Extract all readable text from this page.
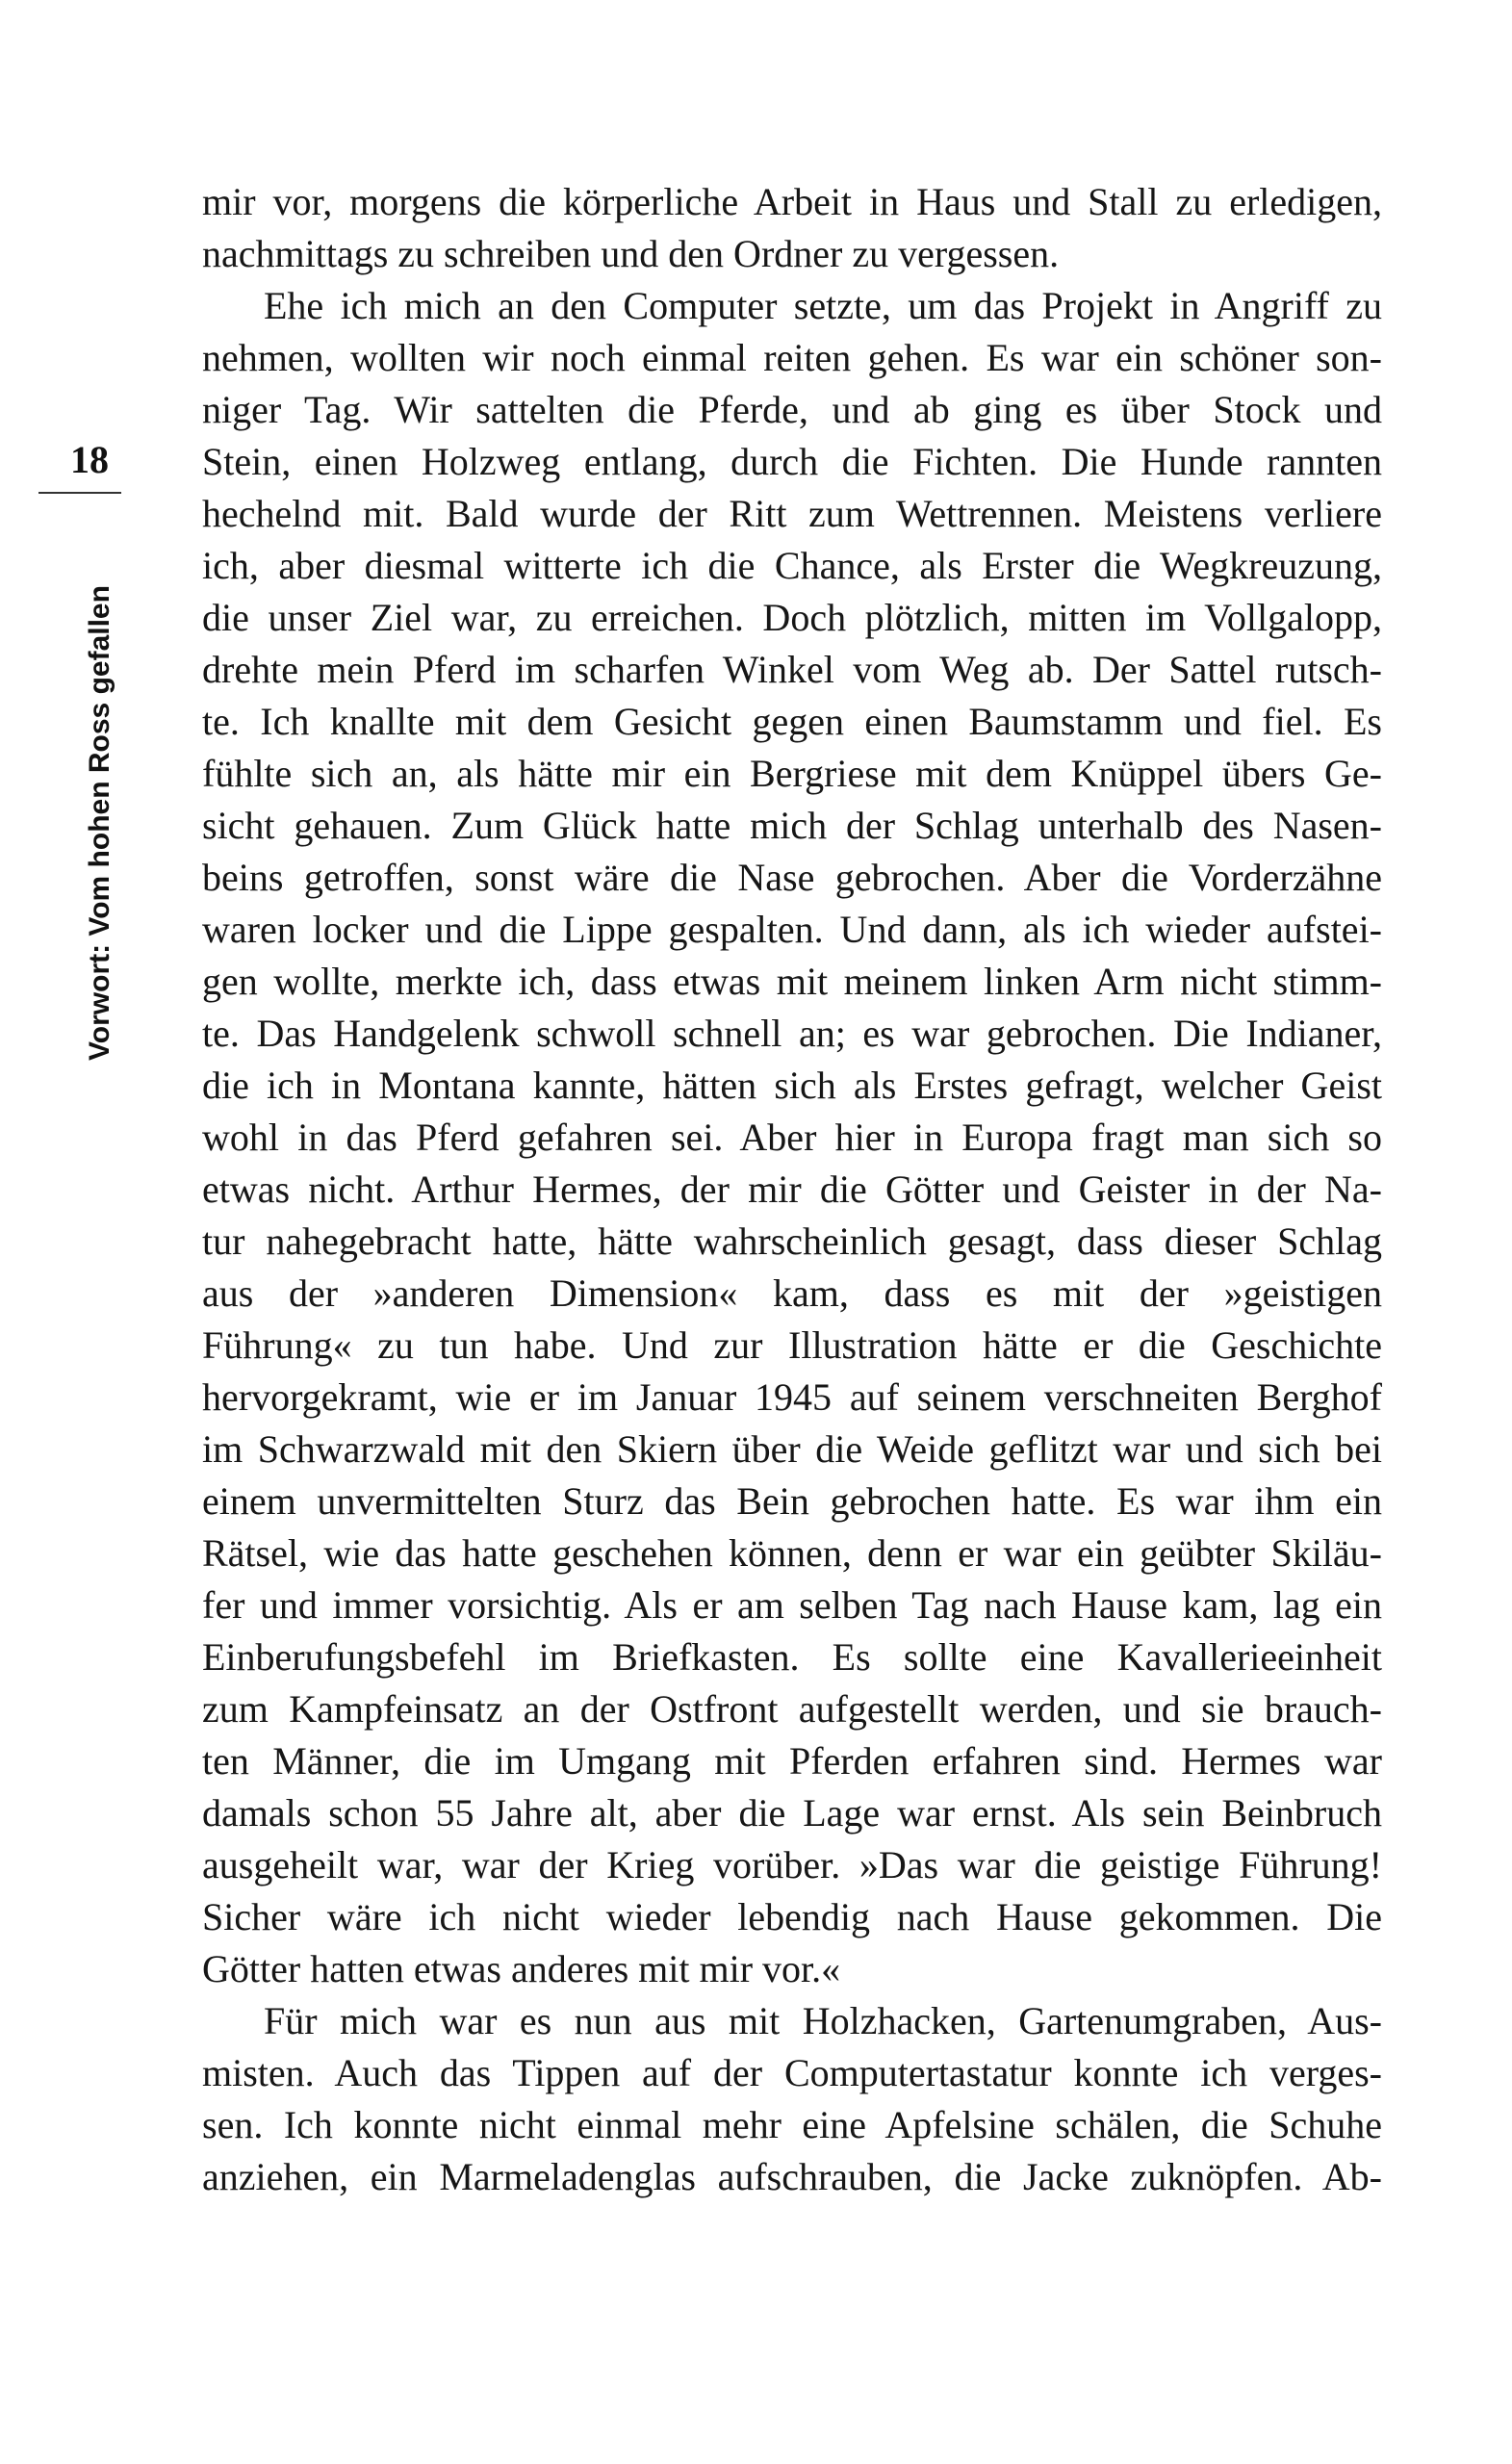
18
Vorwort: Vom hohen Ross gefallen
mir vor, morgens die körperliche Arbeit in Haus und Stall zu erledigen,
nachmittags zu schreiben und den Ordner zu vergessen.
Ehe ich mich an den Computer setzte, um das Projekt in Angriff zu
nehmen, wollten wir noch einmal reiten gehen. Es war ein schöner son-
niger Tag. Wir sattelten die Pferde, und ab ging es über Stock und
Stein, einen Holzweg entlang, durch die Fichten. Die Hunde rannten
hechelnd mit. Bald wurde der Ritt zum Wettrennen. Meistens verliere
ich, aber diesmal witterte ich die Chance, als Erster die Wegkreuzung,
die unser Ziel war, zu erreichen. Doch plötzlich, mitten im Vollgalopp,
drehte mein Pferd im scharfen Winkel vom Weg ab. Der Sattel rutsch-
te. Ich knallte mit dem Gesicht gegen einen Baumstamm und fiel. Es
fühlte sich an, als hätte mir ein Bergriese mit dem Knüppel übers Ge-
sicht gehauen. Zum Glück hatte mich der Schlag unterhalb des Nasen-
beins getroffen, sonst wäre die Nase gebrochen. Aber die Vorderzähne
waren locker und die Lippe gespalten. Und dann, als ich wieder aufstei-
gen wollte, merkte ich, dass etwas mit meinem linken Arm nicht stimm-
te. Das Handgelenk schwoll schnell an; es war gebrochen. Die Indianer,
die ich in Montana kannte, hätten sich als Erstes gefragt, welcher Geist
wohl in das Pferd gefahren sei. Aber hier in Europa fragt man sich so
etwas nicht. Arthur Hermes, der mir die Götter und Geister in der Na-
tur nahegebracht hatte, hätte wahrscheinlich gesagt, dass dieser Schlag
aus der »anderen Dimension« kam, dass es mit der »geistigen
Führung« zu tun habe. Und zur Illustration hätte er die Geschichte
hervorgekramt, wie er im Januar 1945 auf seinem verschneiten Berghof
im Schwarzwald mit den Skiern über die Weide geflitzt war und sich bei
einem unvermittelten Sturz das Bein gebrochen hatte. Es war ihm ein
Rätsel, wie das hatte geschehen können, denn er war ein geübter Skiläu-
fer und immer vorsichtig. Als er am selben Tag nach Hause kam, lag ein
Einberufungsbefehl im Briefkasten. Es sollte eine Kavallerieeinheit
zum Kampfeinsatz an der Ostfront aufgestellt werden, und sie brauch-
ten Männer, die im Umgang mit Pferden erfahren sind. Hermes war
damals schon 55 Jahre alt, aber die Lage war ernst. Als sein Beinbruch
ausgeheilt war, war der Krieg vorüber. »Das war die geistige Führung!
Sicher wäre ich nicht wieder lebendig nach Hause gekommen. Die
Götter hatten etwas anderes mit mir vor.«
Für mich war es nun aus mit Holzhacken, Gartenumgraben, Aus-
misten. Auch das Tippen auf der Computertastatur konnte ich verges-
sen. Ich konnte nicht einmal mehr eine Apfelsine schälen, die Schuhe
anziehen, ein Marmeladenglas aufschrauben, die Jacke zuknöpfen. Ab-
